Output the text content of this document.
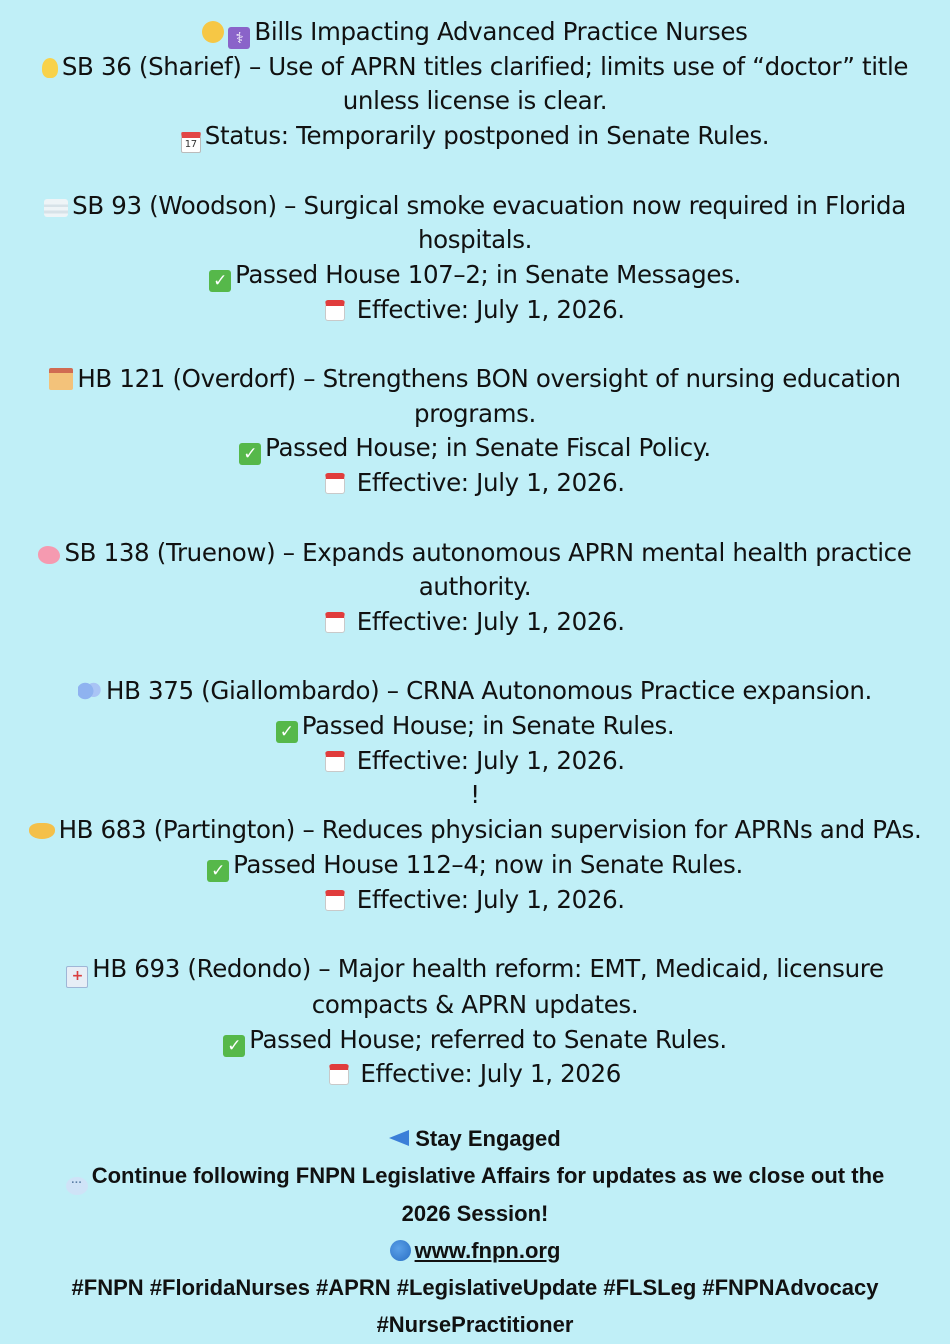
⚕ Bills Impacting Advanced Practice Nurses
SB 36 (Sharief) – Use of APRN titles clarified; limits use of “doctor” title
unless license is clear.
17 Status: Temporarily postponed in Senate Rules.
SB 93 (Woodson) – Surgical smoke evacuation now required in Florida
hospitals.
✓ Passed House 107–2; in Senate Messages.
Effective: July 1, 2026.
HB 121 (Overdorf) – Strengthens BON oversight of nursing education
programs.
✓ Passed House; in Senate Fiscal Policy.
Effective: July 1, 2026.
SB 138 (Truenow) – Expands autonomous APRN mental health practice
authority.
Effective: July 1, 2026.
HB 375 (Giallombardo) – CRNA Autonomous Practice expansion.
✓ Passed House; in Senate Rules.
Effective: July 1, 2026.
!
HB 683 (Partington) – Reduces physician supervision for APRNs and PAs.
✓ Passed House 112–4; now in Senate Rules.
Effective: July 1, 2026.
+ HB 693 (Redondo) – Major health reform: EMT, Medicaid, licensure
compacts & APRN updates.
✓ Passed House; referred to Senate Rules.
Effective: July 1, 2026
Stay Engaged
··· Continue following FNPN Legislative Affairs for updates as we close out the
2026 Session!
www.fnpn.org
#FNPN #FloridaNurses #APRN #LegislativeUpdate #FLSLeg #FNPNAdvocacy
#NursePractitioner
